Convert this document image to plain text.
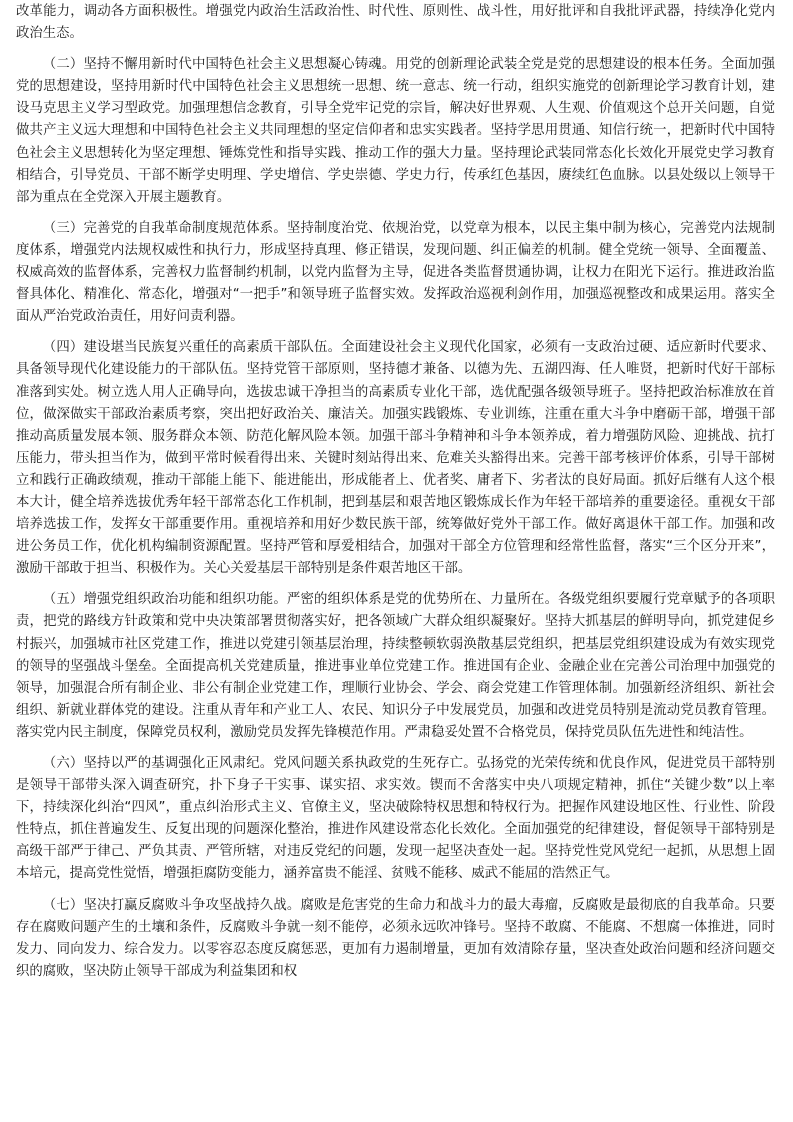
改革能力，调动各方面积极性。增强党内政治生活政治性、时代性、原则性、战斗性，用好批评和自我批评武器，持续净化党内政治生态。

（二）坚持不懈用新时代中国特色社会主义思想凝心铸魂。用党的创新理论武装全党是党的思想建设的根本任务。全面加强党的思想建设，坚持用新时代中国特色社会主义思想统一思想、统一意志、统一行动，组织实施党的创新理论学习教育计划，建设马克思主义学习型政党。加强理想信念教育，引导全党牢记党的宗旨，解决好世界观、人生观、价值观这个总开关问题，自觉做共产主义远大理想和中国特色社会主义共同理想的坚定信仰者和忠实实践者。坚持学思用贯通、知信行统一，把新时代中国特色社会主义思想转化为坚定理想、锤炼党性和指导实践、推动工作的强大力量。坚持理论武装同常态化长效化开展党史学习教育相结合，引导党员、干部不断学史明理、学史增信、学史崇德、学史力行，传承红色基因，赓续红色血脉。以县处级以上领导干部为重点在全党深入开展主题教育。

（三）完善党的自我革命制度规范体系。坚持制度治党、依规治党，以党章为根本，以民主集中制为核心，完善党内法规制度体系，增强党内法规权威性和执行力，形成坚持真理、修正错误，发现问题、纠正偏差的机制。健全党统一领导、全面覆盖、权威高效的监督体系，完善权力监督制约机制，以党内监督为主导，促进各类监督贯通协调，让权力在阳光下运行。推进政治监督具体化、精准化、常态化，增强对“一把手”和领导班子监督实效。发挥政治巡视利剑作用，加强巡视整改和成果运用。落实全面从严治党政治责任，用好问责利器。

（四）建设堪当民族复兴重任的高素质干部队伍。全面建设社会主义现代化国家，必须有一支政治过硬、适应新时代要求、具备领导现代化建设能力的干部队伍。坚持党管干部原则，坚持德才兼备、以德为先、五湖四海、任人唯贤，把新时代好干部标准落到实处。树立选人用人正确导向，选拔忠诚干净担当的高素质专业化干部，选优配强各级领导班子。坚持把政治标准放在首位，做深做实干部政治素质考察，突出把好政治关、廉洁关。加强实践锻炼、专业训练，注重在重大斗争中磨砺干部，增强干部推动高质量发展本领、服务群众本领、防范化解风险本领。加强干部斗争精神和斗争本领养成，着力增强防风险、迎挑战、抗打压能力，带头担当作为，做到平常时候看得出来、关键时刻站得出来、危难关头豁得出来。完善干部考核评价体系，引导干部树立和践行正确政绩观，推动干部能上能下、能进能出，形成能者上、优者奖、庸者下、劣者汰的良好局面。抓好后继有人这个根本大计，健全培养选拔优秀年轻干部常态化工作机制，把到基层和艰苦地区锻炼成长作为年轻干部培养的重要途径。重视女干部培养选拔工作，发挥女干部重要作用。重视培养和用好少数民族干部，统筹做好党外干部工作。做好离退休干部工作。加强和改进公务员工作，优化机构编制资源配置。坚持严管和厚爱相结合，加强对干部全方位管理和经常性监督，落实“三个区分开来”，激励干部敢于担当、积极作为。关心关爱基层干部特别是条件艰苦地区干部。

（五）增强党组织政治功能和组织功能。严密的组织体系是党的优势所在、力量所在。各级党组织要履行党章赋予的各项职责，把党的路线方针政策和党中央决策部署贯彻落实好，把各领域广大群众组织凝聚好。坚持大抓基层的鲜明导向，抓党建促乡村振兴，加强城市社区党建工作，推进以党建引领基层治理，持续整顿软弱涣散基层党组织，把基层党组织建设成为有效实现党的领导的坚强战斗堡垒。全面提高机关党建质量，推进事业单位党建工作。推进国有企业、金融企业在完善公司治理中加强党的领导，加强混合所有制企业、非公有制企业党建工作，理顺行业协会、学会、商会党建工作管理体制。加强新经济组织、新社会组织、新就业群体党的建设。注重从青年和产业工人、农民、知识分子中发展党员，加强和改进党员特别是流动党员教育管理。落实党内民主制度，保障党员权利，激励党员发挥先锋模范作用。严肃稳妥处置不合格党员，保持党员队伍先进性和纯洁性。

（六）坚持以严的基调强化正风肃纪。党风问题关系执政党的生死存亡。弘扬党的光荣传统和优良作风，促进党员干部特别是领导干部带头深入调查研究，扑下身子干实事、谋实招、求实效。锲而不舍落实中央八项规定精神，抓住“关键少数”以上率下，持续深化纠治“四风”，重点纠治形式主义、官僚主义，坚决破除特权思想和特权行为。把握作风建设地区性、行业性、阶段性特点，抓住普遍发生、反复出现的问题深化整治，推进作风建设常态化长效化。全面加强党的纪律建设，督促领导干部特别是高级干部严于律己、严负其责、严管所辖，对违反党纪的问题，发现一起坚决查处一起。坚持党性党风党纪一起抓，从思想上固本培元，提高党性觉悟，增强拒腐防变能力，涵养富贵不能淫、贫贱不能移、威武不能屈的浩然正气。

（七）坚决打赢反腐败斗争攻坚战持久战。腐败是危害党的生命力和战斗力的最大毒瘤，反腐败是最彻底的自我革命。只要存在腐败问题产生的土壤和条件，反腐败斗争就一刻不能停，必须永远吹冲锋号。坚持不敢腐、不能腐、不想腐一体推进，同时发力、同向发力、综合发力。以零容忍态度反腐惩恶，更加有力遏制增量，更加有效清除存量，坚决查处政治问题和经济问题交织的腐败，坚决防止领导干部成为利益集团和权
